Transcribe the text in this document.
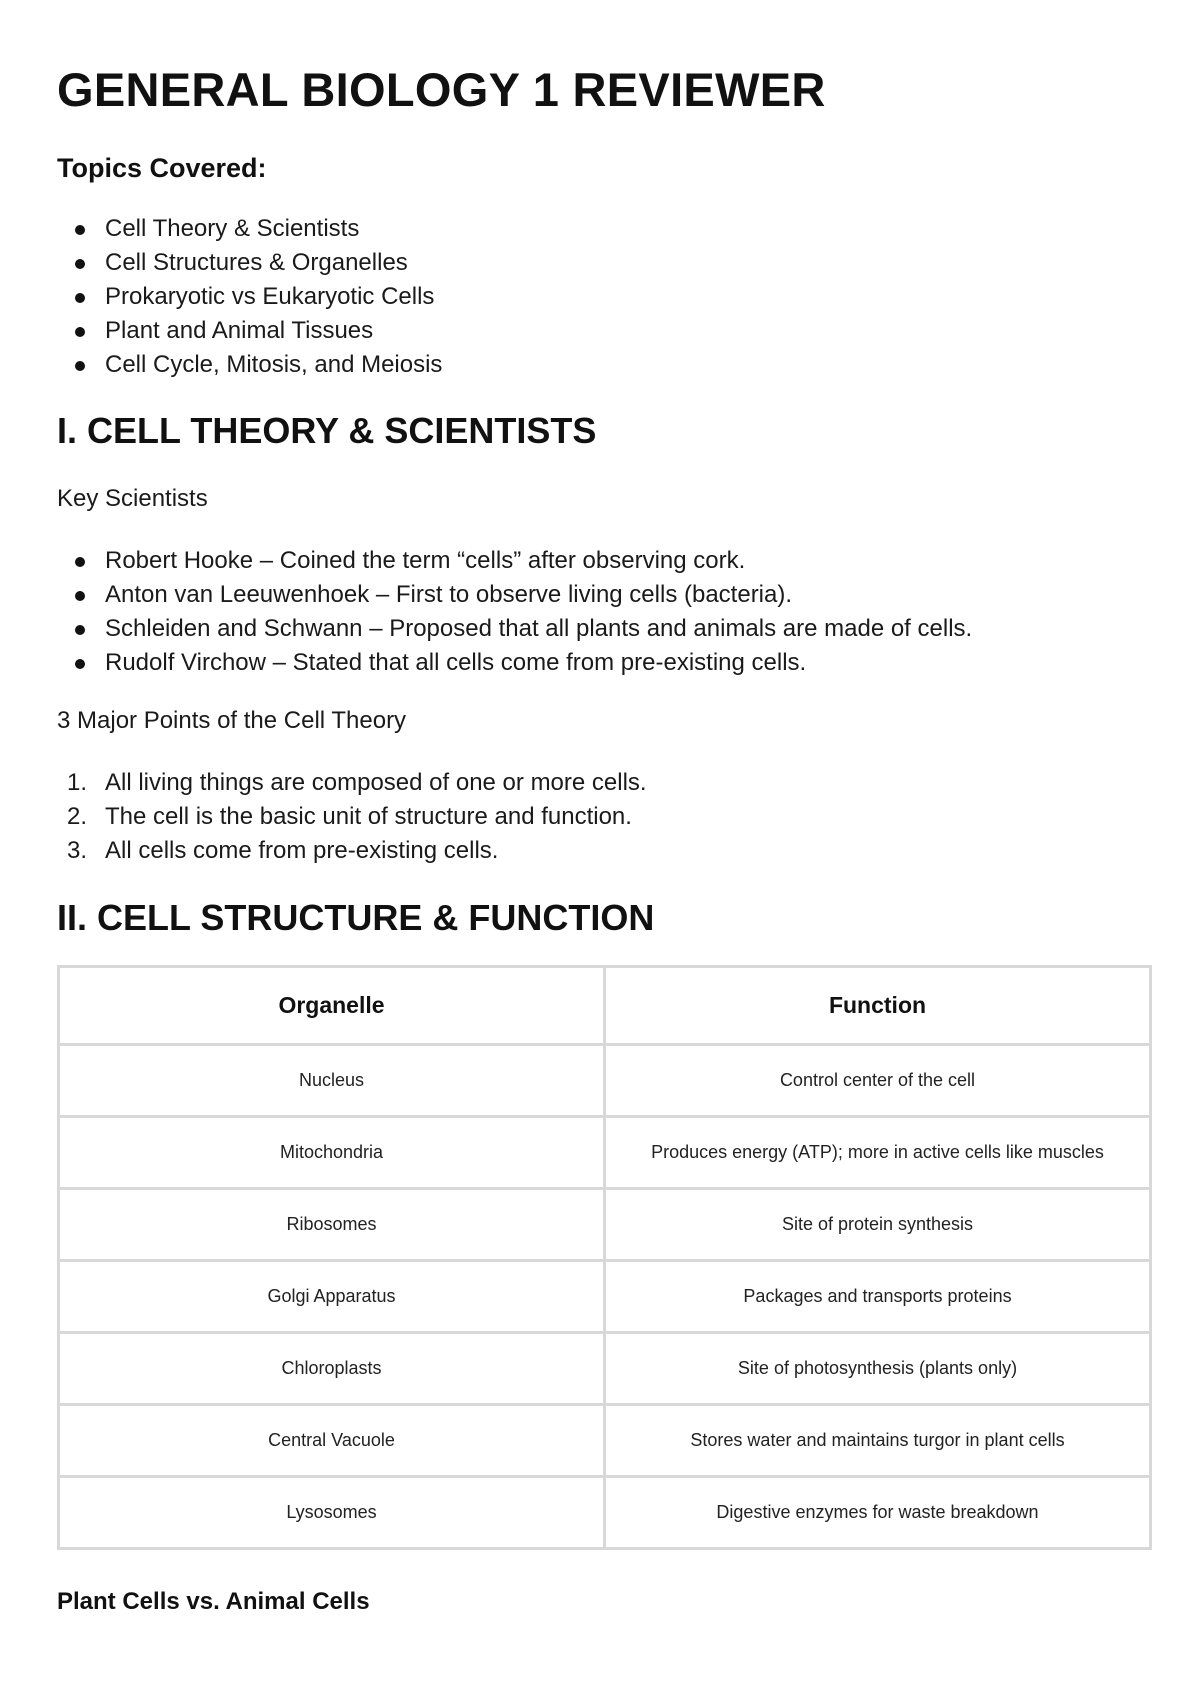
GENERAL BIOLOGY 1 REVIEWER
Topics Covered:
Cell Theory & Scientists
Cell Structures & Organelles
Prokaryotic vs Eukaryotic Cells
Plant and Animal Tissues
Cell Cycle, Mitosis, and Meiosis
I. CELL THEORY & SCIENTISTS
Key Scientists
Robert Hooke – Coined the term “cells” after observing cork.
Anton van Leeuwenhoek – First to observe living cells (bacteria).
Schleiden and Schwann – Proposed that all plants and animals are made of cells.
Rudolf Virchow – Stated that all cells come from pre-existing cells.
3 Major Points of the Cell Theory
1. All living things are composed of one or more cells.
2. The cell is the basic unit of structure and function.
3. All cells come from pre-existing cells.
II. CELL STRUCTURE & FUNCTION
Organelle	Function
Nucleus	Control center of the cell
Mitochondria	Produces energy (ATP); more in active cells like muscles
Ribosomes	Site of protein synthesis
Golgi Apparatus	Packages and transports proteins
Chloroplasts	Site of photosynthesis (plants only)
Central Vacuole	Stores water and maintains turgor in plant cells
Lysosomes	Digestive enzymes for waste breakdown
Plant Cells vs. Animal Cells
